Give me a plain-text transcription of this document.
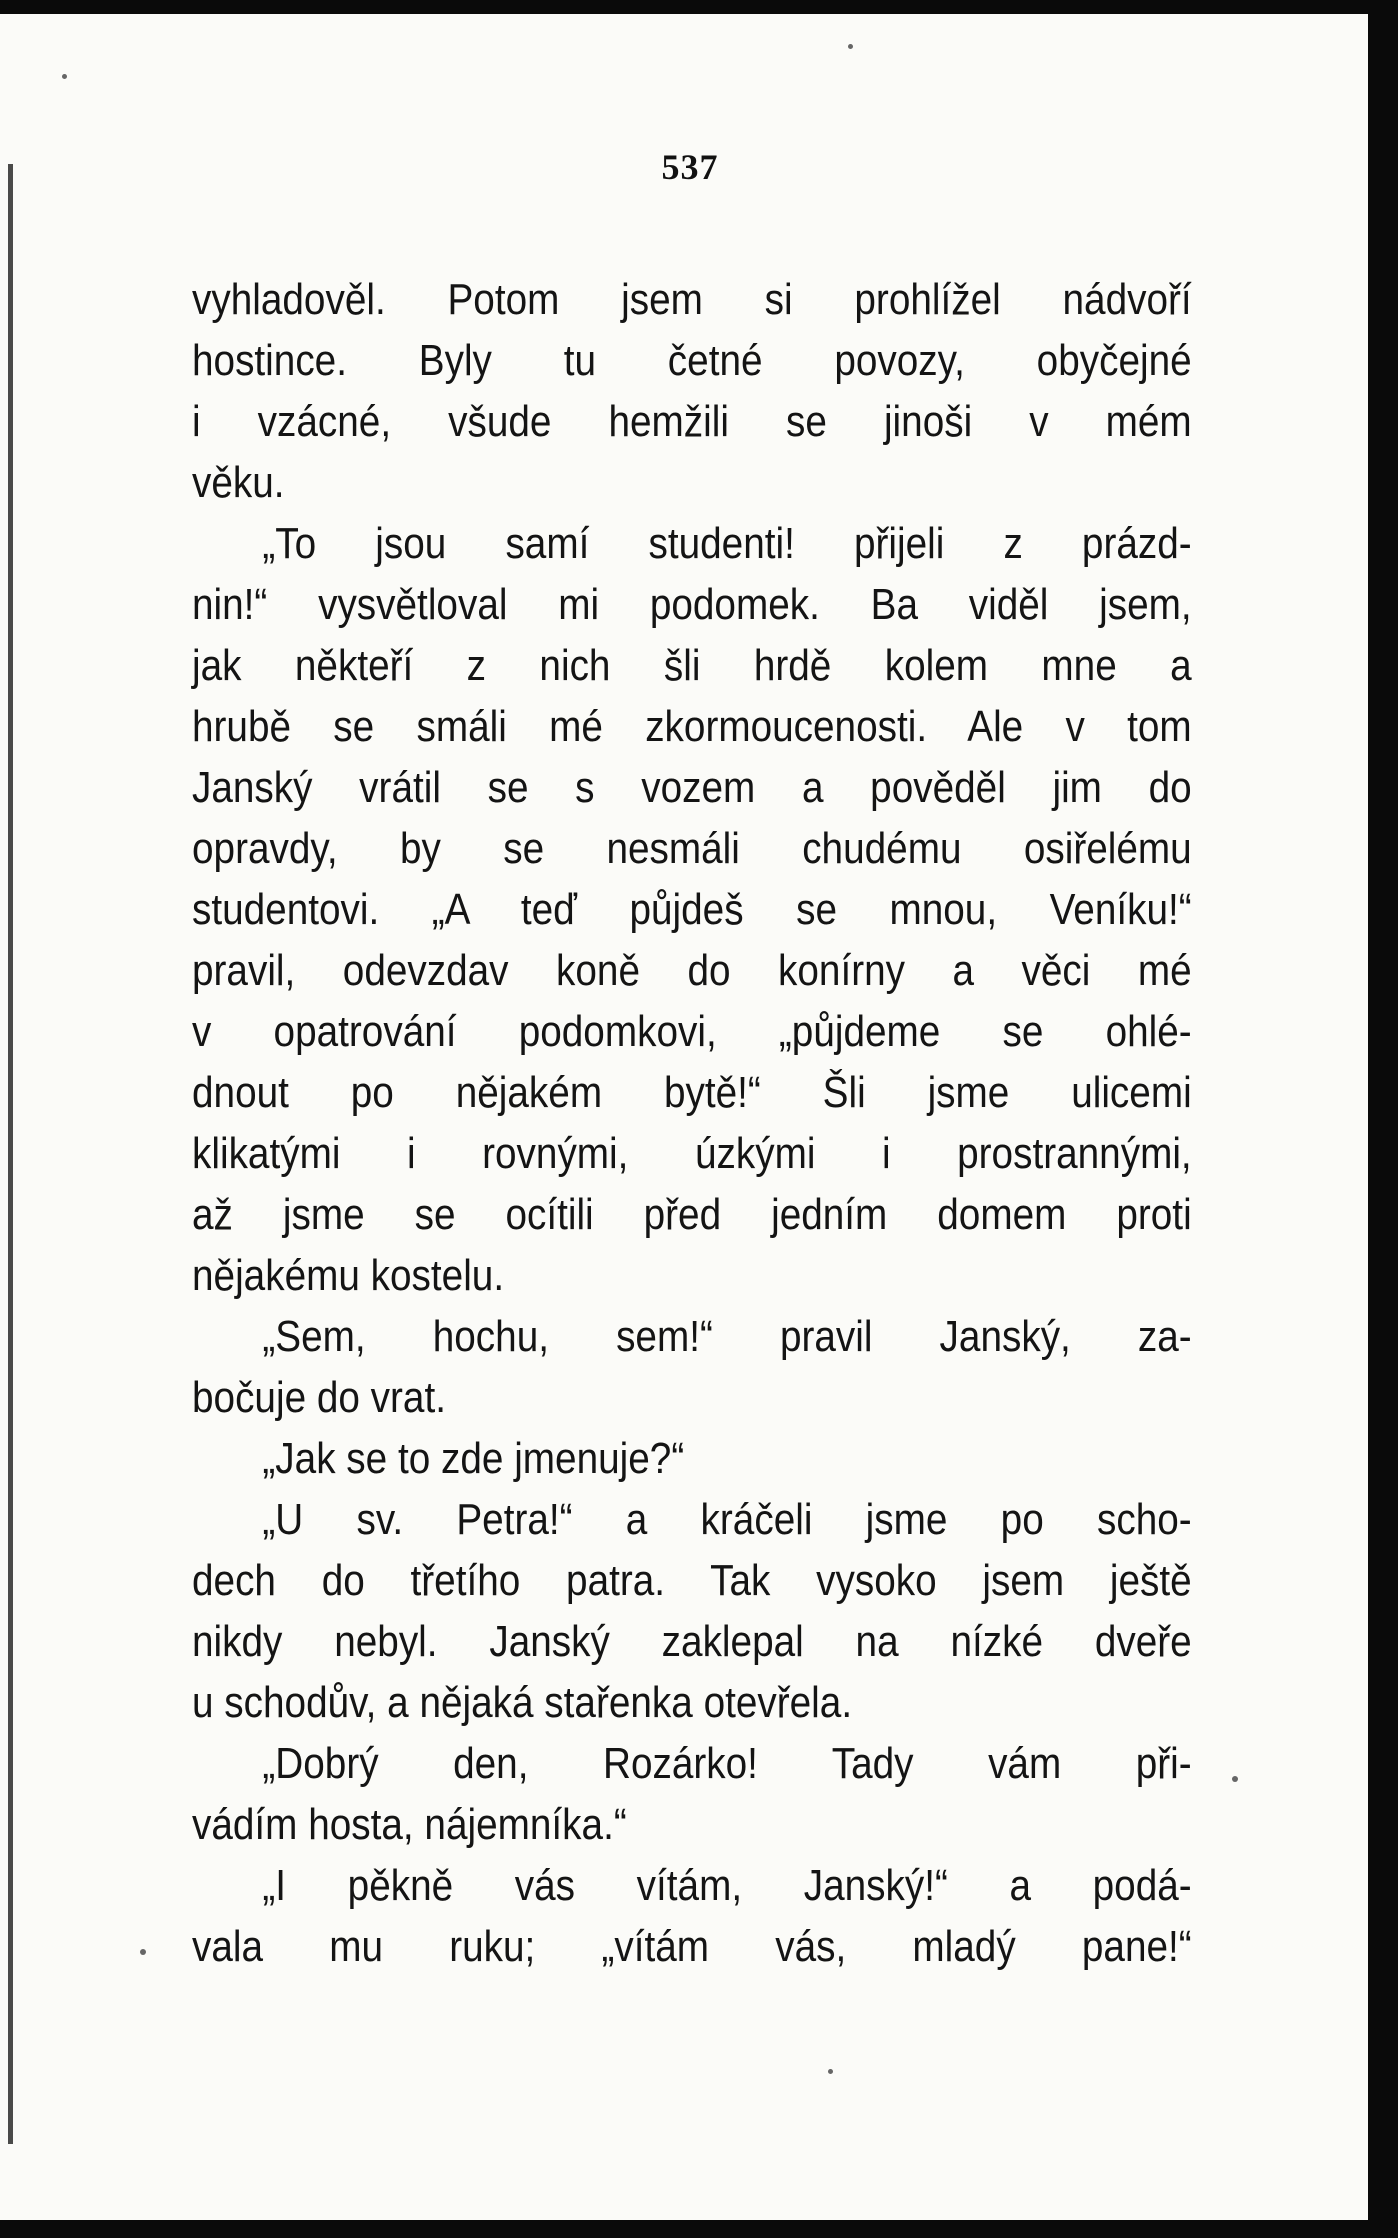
537
vyhladověl. Potom jsem si prohlížel nádvoří
hostince. Byly tu četné povozy, obyčejné
i vzácné, všude hemžili se jinoši v mém
věku.
„To jsou samí studenti! přijeli z prázd-
nin!“ vysvětloval mi podomek. Ba viděl jsem,
jak někteří z nich šli hrdě kolem mne a
hrubě se smáli mé zkormoucenosti. Ale v tom
Janský vrátil se s vozem a pověděl jim do
opravdy, by se nesmáli chudému osiřelému
studentovi. „A teď půjdeš se mnou, Veníku!“
pravil, odevzdav koně do konírny a věci mé
v opatrování podomkovi, „půjdeme se ohlé-
dnout po nějakém bytě!“ Šli jsme ulicemi
klikatými i rovnými, úzkými i prostrannými,
až jsme se ocítili před jedním domem proti
nějakému kostelu.
„Sem, hochu, sem!“ pravil Janský, za-
bočuje do vrat.
„Jak se to zde jmenuje?“
„U sv. Petra!“ a kráčeli jsme po scho-
dech do třetího patra. Tak vysoko jsem ještě
nikdy nebyl. Janský zaklepal na nízké dveře
u schodův, a nějaká stařenka otevřela.
„Dobrý den, Rozárko! Tady vám při-
vádím hosta, nájemníka.“
„I pěkně vás vítám, Janský!“ a podá-
vala mu ruku; „vítám vás, mladý pane!“
